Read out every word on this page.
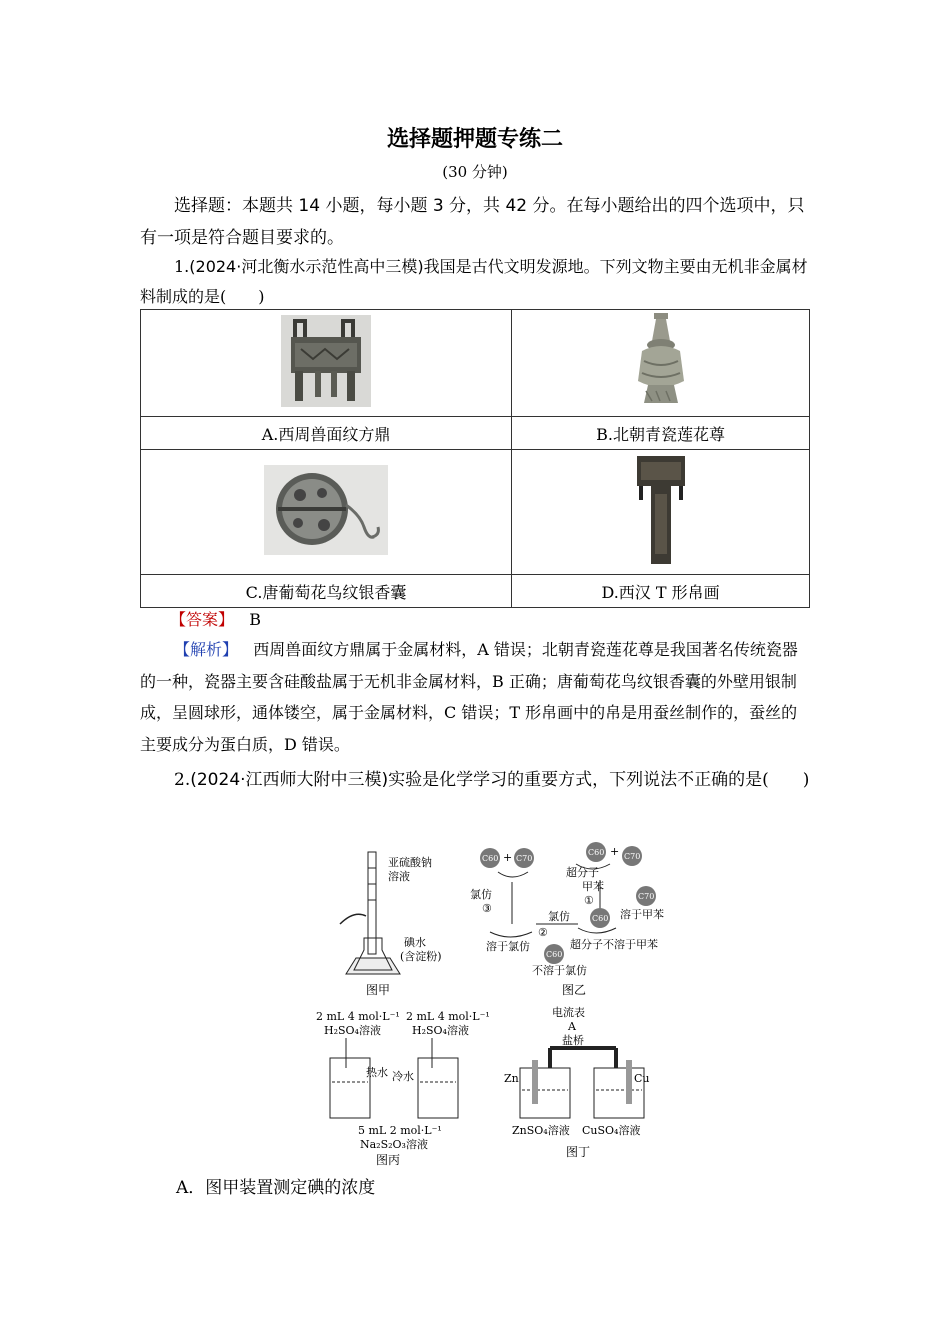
选择题押题专练二
(30 分钟)
选择题：本题共 14 小题，每小题 3 分，共 42 分。在每小题给出的四个选项中，只有一项是符合题目要求的。
1.(2024·河北衡水示范性高中三模)我国是古代文明发源地。下列文物主要由无机非金属材料制成的是(　　)

A.西周兽面纹方鼎	B.北朝青瓷莲花尊

C.唐葡萄花鸟纹银香囊	D.西汉 T 形帛画
【答案】 B
【解析】 西周兽面纹方鼎属于金属材料，A 错误；北朝青瓷莲花尊是我国著名传统瓷器的一种，瓷器主要含硅酸盐属于无机非金属材料，B 正确；唐葡萄花鸟纹银香囊的外壁用银制成，呈圆球形，通体镂空，属于金属材料，C 错误；T 形帛画中的帛是用蚕丝制作的，蚕丝的主要成分为蛋白质，D 错误。
2.(2024·江西师大附中三模)实验是化学学习的重要方式，下列说法不正确的是(　　)
A．图甲装置测定碘的浓度
亚硫酸钠
溶液
碘水
(含淀粉)
图甲
C60 + C70
C60 + C70
超分子
甲苯
①	C70
溶于甲苯
C60
氯仿
②
超分子不溶于甲苯
溶于氯仿
C60
不溶于氯仿
氯仿
③
图乙
2 mL 4 mol·L⁻¹
H₂SO₄溶液
2 mL 4 mol·L⁻¹
H₂SO₄溶液
热水 冷水
5 mL 2 mol·L⁻¹
Na₂S₂O₃溶液
图丙
电流表
A
盐桥
Zn	Cu
ZnSO₄溶液 CuSO₄溶液
图丁
